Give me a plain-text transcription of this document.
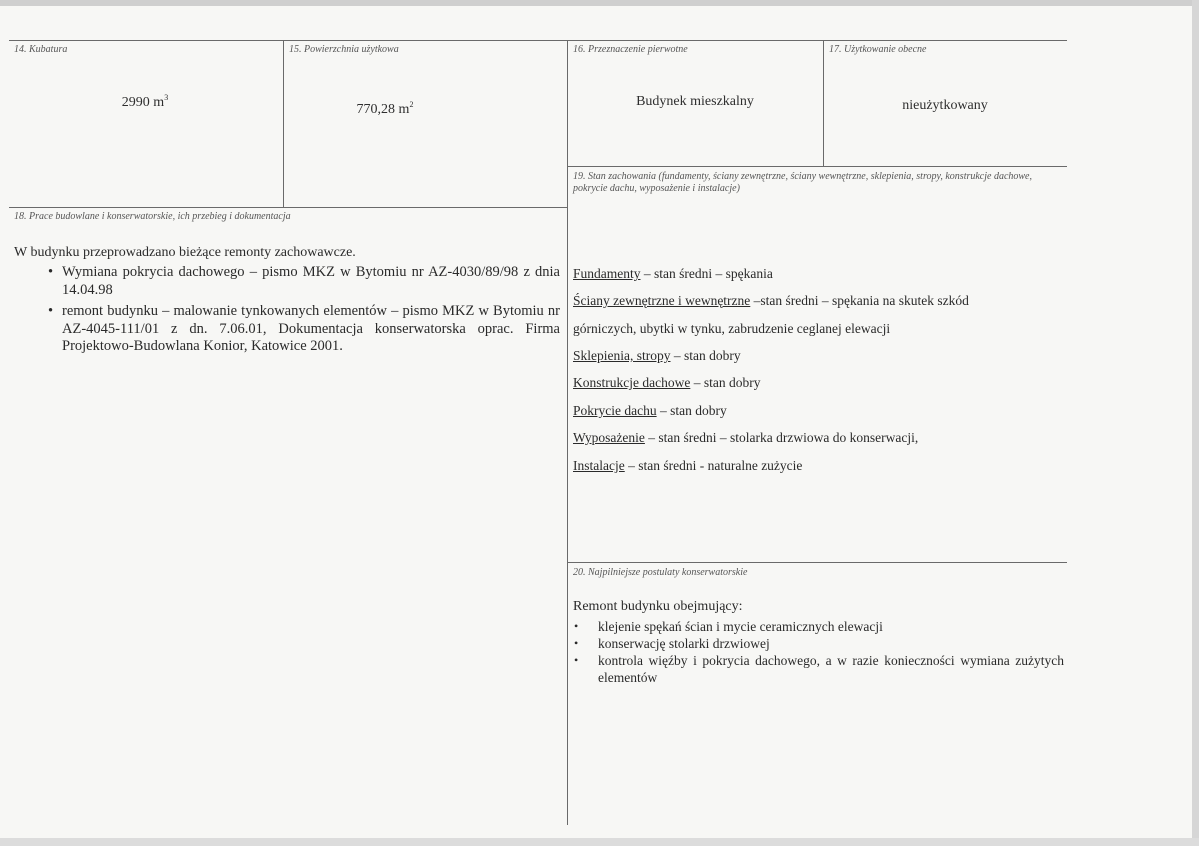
14. Kubatura
2990 $m^3$
15. Powierzchnia użytkowa
770,28 $m^2$
16. Przeznaczenie pierwotne
Budynek mieszkalny
17. Użytkowanie obecne
nieużytkowany
19. Stan zachowania (fundamenty, ściany zewnętrzne, ściany wewnętrzne, sklepienia, stropy, konstrukcje dachowe, pokrycie dachu, wyposażenie i instalacje)
Fundamenty – stan średni – spękania
Ściany zewnętrzne i wewnętrzne –stan średni – spękania na skutek szkód
górniczych, ubytki w tynku, zabrudzenie ceglanej elewacji
Sklepienia, stropy – stan dobry
Konstrukcje dachowe – stan dobry
Pokrycie dachu – stan dobry
Wyposażenie – stan średni – stolarka drzwiowa do konserwacji,
Instalacje – stan średni - naturalne zużycie
18. Prace budowlane i konserwatorskie, ich przebieg i dokumentacja
W budynku przeprowadzano bieżące remonty zachowawcze.
• Wymiana pokrycia dachowego – pismo MKZ w Bytomiu nr AZ-4030/89/98 z dnia 14.04.98
• remont budynku – malowanie tynkowanych elementów – pismo MKZ w Bytomiu nr AZ-4045-111/01 z dn. 7.06.01, Dokumentacja konserwatorska oprac. Firma Projektowo-Budowlana Konior, Katowice 2001.
20. Najpilniejsze postulaty konserwatorskie
Remont budynku obejmujący:
• klejenie spękań ścian i mycie ceramicznych elewacji
• konserwację stolarki drzwiowej
• kontrola więźby i pokrycia dachowego, a w razie konieczności wymiana zużytych elementów
